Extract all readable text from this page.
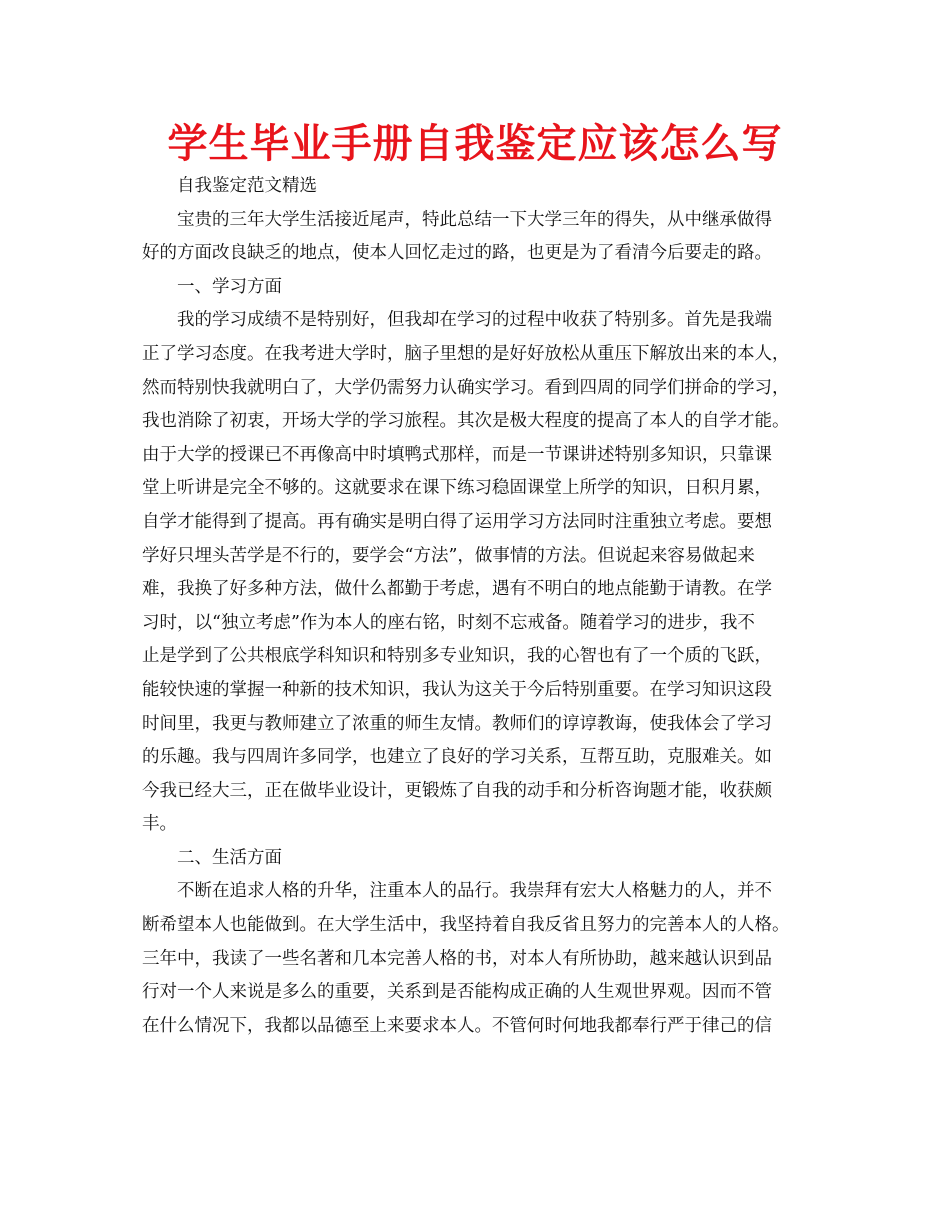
学生毕业手册自我鉴定应该怎么写
自我鉴定范文精选
宝贵的三年大学生活接近尾声，特此总结一下大学三年的得失，从中继承做得
好的方面改良缺乏的地点，使本人回忆走过的路，也更是为了看清今后要走的路。
一、学习方面
我的学习成绩不是特别好，但我却在学习的过程中收获了特别多。首先是我端
正了学习态度。在我考进大学时，脑子里想的是好好放松从重压下解放出来的本人，
然而特别快我就明白了，大学仍需努力认确实学习。看到四周的同学们拼命的学习，
我也消除了初衷，开场大学的学习旅程。其次是极大程度的提高了本人的自学才能。
由于大学的授课已不再像高中时填鸭式那样，而是一节课讲述特别多知识，只靠课
堂上听讲是完全不够的。这就要求在课下练习稳固课堂上所学的知识，日积月累，
自学才能得到了提高。再有确实是明白得了运用学习方法同时注重独立考虑。要想
学好只埋头苦学是不行的，要学会“方法”，做事情的方法。但说起来容易做起来
难，我换了好多种方法，做什么都勤于考虑，遇有不明白的地点能勤于请教。在学
习时，以“独立考虑”作为本人的座右铭，时刻不忘戒备。随着学习的进步，我不
止是学到了公共根底学科知识和特别多专业知识，我的心智也有了一个质的飞跃，
能较快速的掌握一种新的技术知识，我认为这关于今后特别重要。在学习知识这段
时间里，我更与教师建立了浓重的师生友情。教师们的谆谆教诲，使我体会了学习
的乐趣。我与四周许多同学，也建立了良好的学习关系，互帮互助，克服难关。如
今我已经大三，正在做毕业设计，更锻炼了自我的动手和分析咨询题才能，收获颇
丰。
二、生活方面
不断在追求人格的升华，注重本人的品行。我崇拜有宏大人格魅力的人，并不
断希望本人也能做到。在大学生活中，我坚持着自我反省且努力的完善本人的人格。
三年中，我读了一些名著和几本完善人格的书，对本人有所协助，越来越认识到品
行对一个人来说是多么的重要，关系到是否能构成正确的人生观世界观。因而不管
在什么情况下，我都以品德至上来要求本人。不管何时何地我都奉行严于律己的信
